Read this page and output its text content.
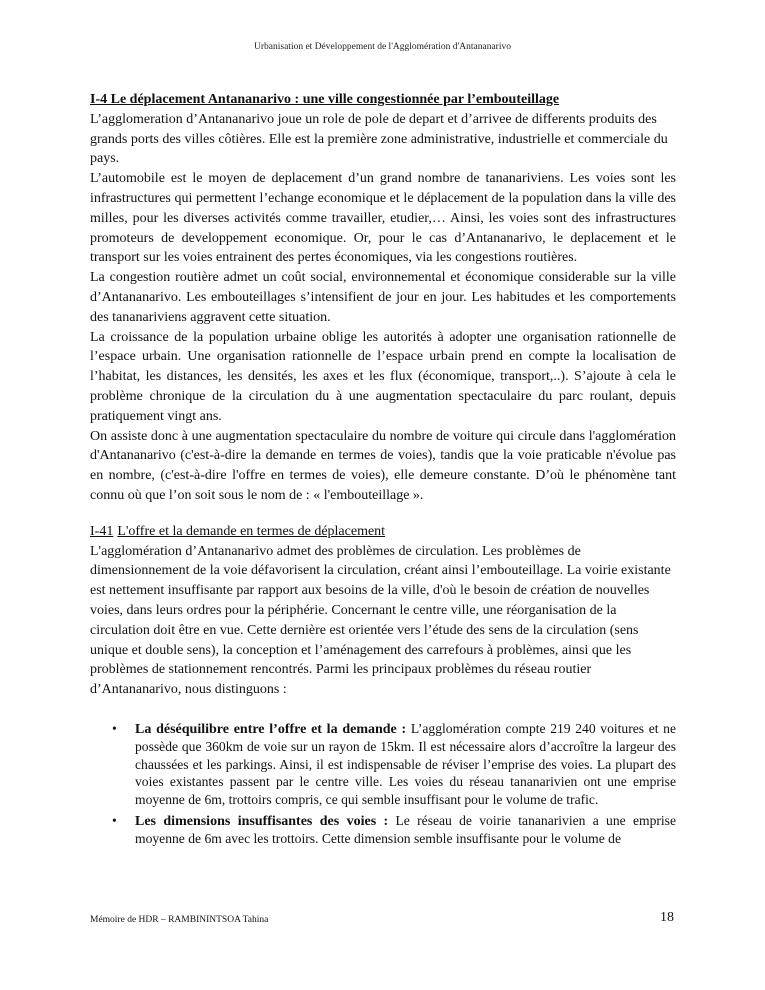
Urbanisation et Développement de l'Agglomération d'Antananarivo

I-4 Le déplacement Antananarivo : une ville congestionnée par l’embouteillage

L’agglomeration d’Antananarivo joue un role de pole de depart et d’arrivee de differents produits des grands ports des villes côtières. Elle est la première zone administrative, industrielle et commerciale du pays.

L’automobile est le moyen de deplacement d’un grand nombre de tananariviens. Les voies sont les infrastructures qui permettent l’echange economique et le déplacement de la population dans la ville des milles, pour les diverses activités comme travailler, etudier,… Ainsi, les voies sont des infrastructures promoteurs de developpement economique. Or, pour le cas d’Antananarivo, le deplacement et le transport sur les voies entrainent des pertes économiques, via les congestions routières.

La congestion routière admet un coût social, environnemental et économique considerable sur la ville d’Antananarivo. Les embouteillages s’intensifient de jour en jour. Les habitudes et les comportements des tananariviens aggravent cette situation.

La croissance de la population urbaine oblige les autorités à adopter une organisation rationnelle de l’espace urbain. Une organisation rationnelle de l’espace urbain prend en compte la localisation de l’habitat, les distances, les densités, les axes et les flux (économique, transport,..). S’ajoute à cela le problème chronique de la circulation du à une augmentation spectaculaire du parc roulant, depuis pratiquement vingt ans.

On assiste donc à une augmentation spectaculaire du nombre de voiture qui circule dans l'agglomération d'Antananarivo (c'est-à-dire la demande en termes de voies), tandis que la voie praticable n'évolue pas en nombre, (c'est-à-dire l'offre en termes de voies), elle demeure constante. D’où le phénomène tant connu où que l’on soit sous le nom de : « l'embouteillage ».

I-41 L'offre et la demande en termes de déplacement

L'agglomération d’Antananarivo admet des problèmes de circulation. Les problèmes de dimensionnement de la voie défavorisent la circulation, créant ainsi l’embouteillage. La voirie existante est nettement insuffisante par rapport aux besoins de la ville, d'où le besoin de création de nouvelles voies, dans leurs ordres pour la périphérie. Concernant le centre ville, une réorganisation de la circulation doit être en vue. Cette dernière est orientée vers l’étude des sens de la circulation (sens unique et double sens), la conception et l’aménagement des carrefours à problèmes, ainsi que les problèmes de stationnement rencontrés. Parmi les principaux problèmes du réseau routier d’Antananarivo, nous distinguons :

• La déséquilibre entre l’offre et la demande : L’agglomération compte 219 240 voitures et ne possède que 360km de voie sur un rayon de 15km. Il est nécessaire alors d’accroître la largeur des chaussées et les parkings. Ainsi, il est indispensable de réviser l’emprise des voies. La plupart des voies existantes passent par le centre ville. Les voies du réseau tananarivien ont une emprise moyenne de 6m, trottoirs compris, ce qui semble insuffisant pour le volume de trafic.
• Les dimensions insuffisantes des voies : Le réseau de voirie tananarivien a une emprise moyenne de 6m avec les trottoirs. Cette dimension semble insuffisante pour le volume de
Mémoire de HDR – RAMBININTSOA Tahina	18
